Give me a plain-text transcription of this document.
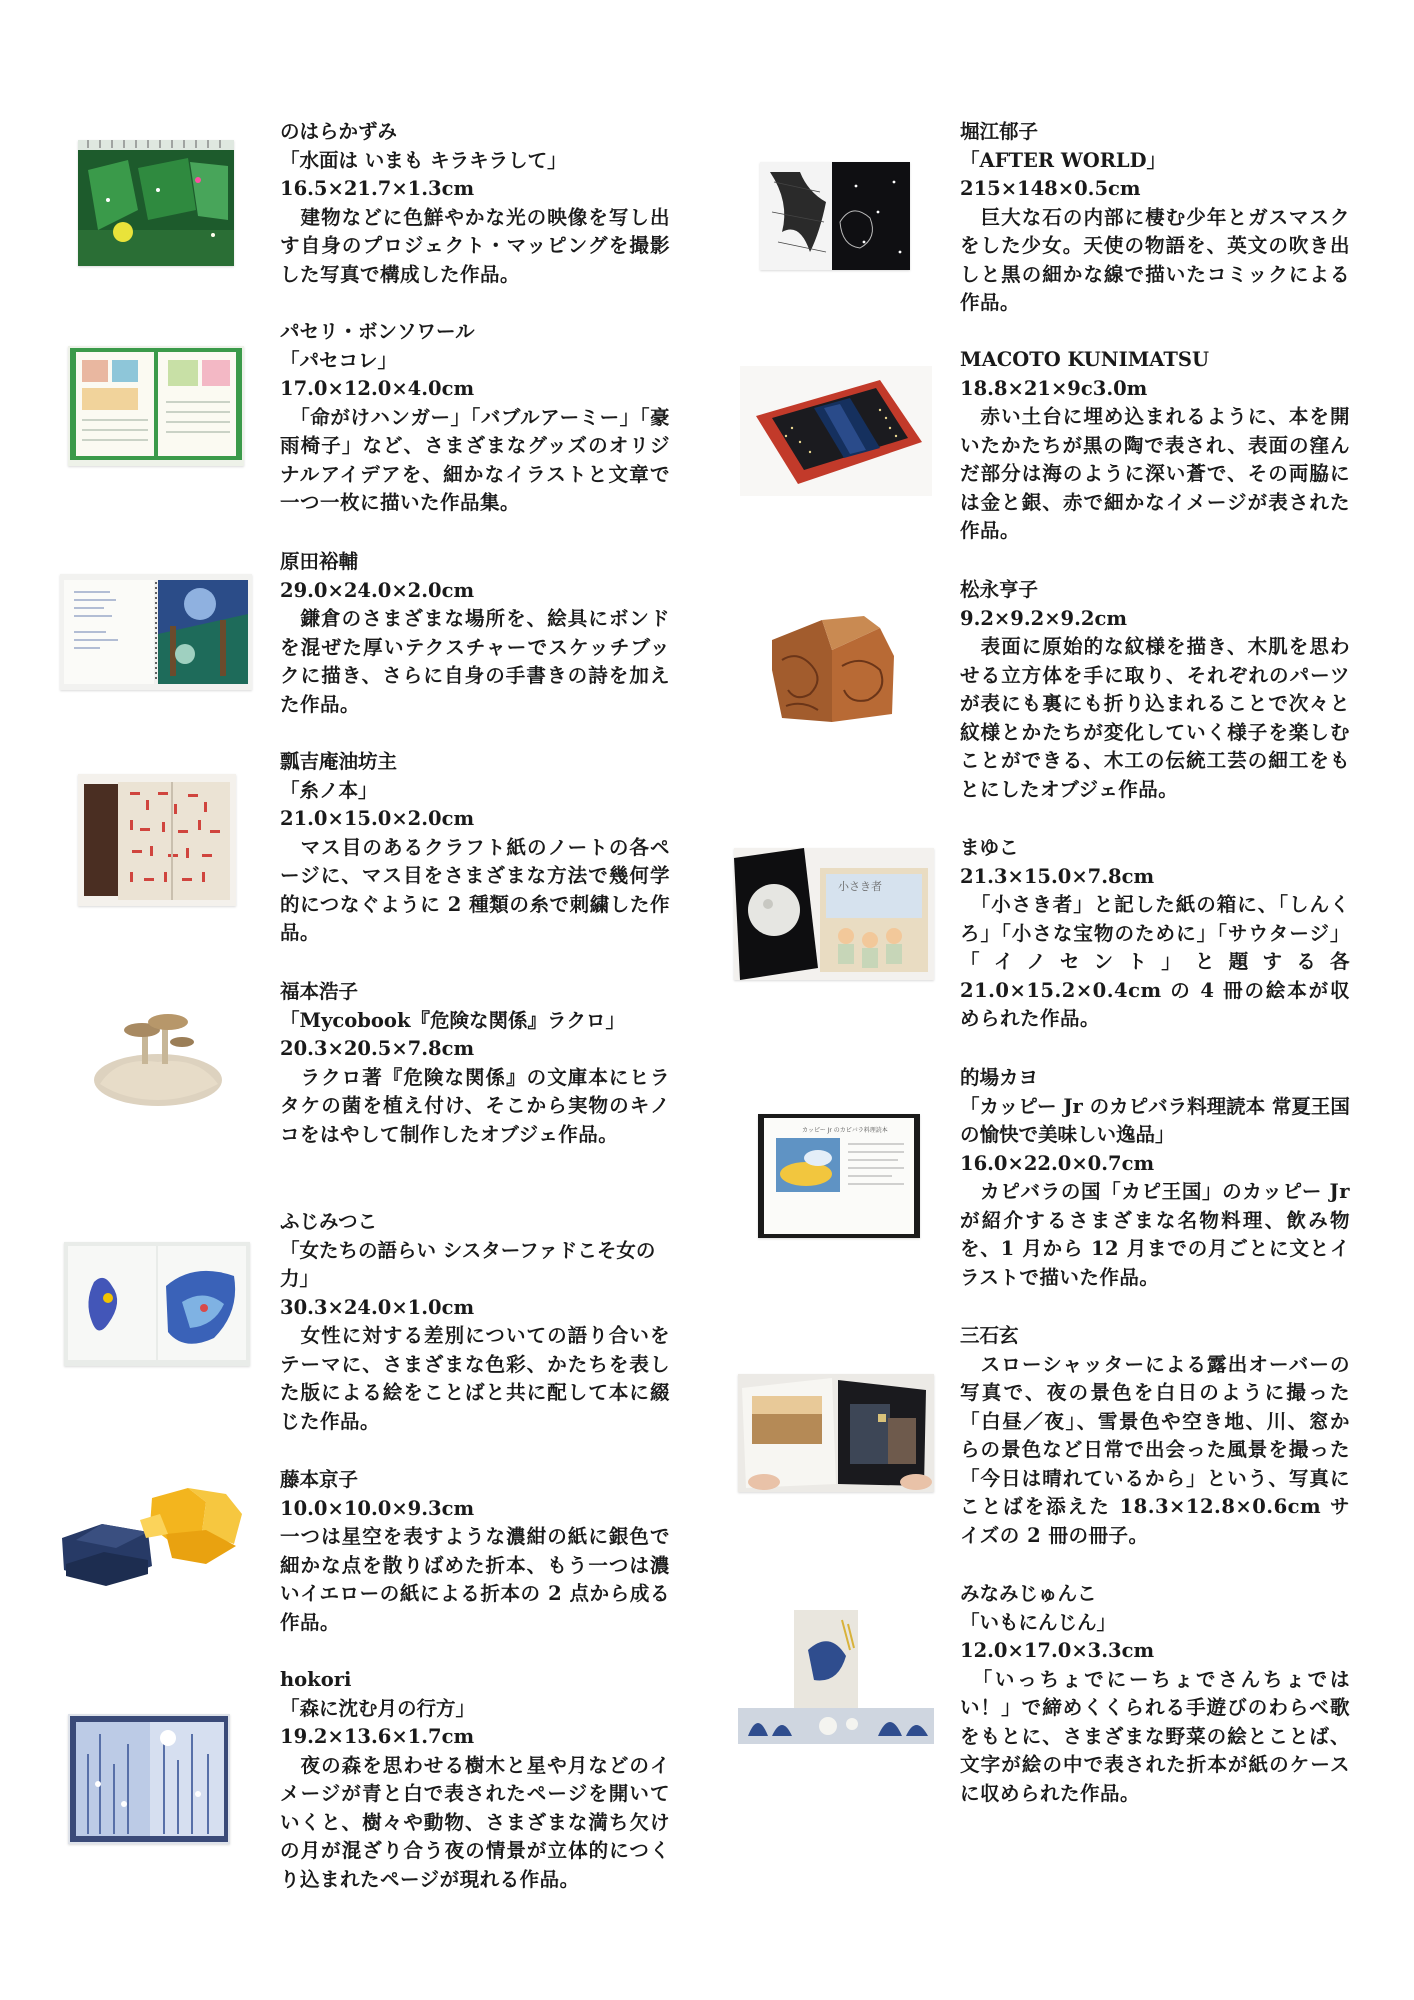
のはらかずみ

「水面は いまも キラキラして」

16.5×21.7×1.3cm

　建物などに色鮮やかな光の映像を写し出す自身のプロジェクト・マッピングを撮影した写真で構成した作品。

パセリ・ボンソワール

「パセコレ」

17.0×12.0×4.0cm

　「命がけハンガー」「バブルアーミー」「豪雨椅子」など、さまざまなグッズのオリジナルアイデアを、細かなイラストと文章で一つ一枚に描いた作品集。

原田裕輔

29.0×24.0×2.0cm

　鎌倉のさまざまな場所を、絵具にボンドを混ぜた厚いテクスチャーでスケッチブックに描き、さらに自身の手書きの詩を加えた作品。

瓢吉庵油坊主

「糸ノ本」

21.0×15.0×2.0cm

　マス目のあるクラフト紙のノートの各ページに、マス目をさまざまな方法で幾何学的につなぐように 2 種類の糸で刺繍した作品。

福本浩子

「Mycobook『危険な関係』ラクロ」

20.3×20.5×7.8cm

　ラクロ著『危険な関係』の文庫本にヒラタケの菌を植え付け、そこから実物のキノコをはやして制作したオブジェ作品。

ふじみつこ

「女たちの語らい シスターファドこそ女の力」

30.3×24.0×1.0cm

　女性に対する差別についての語り合いをテーマに、さまざまな色彩、かたちを表した版による絵をことばと共に配して本に綴じた作品。

藤本京子

10.0×10.0×9.3cm

一つは星空を表すような濃紺の紙に銀色で細かな点を散りばめた折本、もう一つは濃いイエローの紙による折本の 2 点から成る作品。

hokori

「森に沈む月の行方」

19.2×13.6×1.7cm

　夜の森を思わせる樹木と星や月などのイメージが青と白で表されたページを開いていくと、樹々や動物、さまざまな満ち欠けの月が混ざり合う夜の情景が立体的につくり込まれたページが現れる作品。

堀江郁子

「AFTER WORLD」

215×148×0.5cm

　巨大な石の内部に棲む少年とガスマスクをした少女。天使の物語を、英文の吹き出しと黒の細かな線で描いたコミックによる作品。

MACOTO KUNIMATSU

18.8×21×9c3.0m

　赤い土台に埋め込まれるように、本を開いたかたちが黒の陶で表され、表面の窪んだ部分は海のように深い蒼で、その両脇には金と銀、赤で細かなイメージが表された作品。

松永亨子

9.2×9.2×9.2cm

　表面に原始的な紋様を描き、木肌を思わせる立方体を手に取り、それぞれのパーツが表にも裏にも折り込まれることで次々と紋様とかたちが変化していく様子を楽しむことができる、木工の伝統工芸の細工をもとにしたオブジェ作品。

小さき者

まゆこ

21.3×15.0×7.8cm

　「小さき者」と記した紙の箱に、「しんくろ」「小さな宝物のために」「サウタージ」「イノセント」と題する各 21.0×15.2×0.4cm の 4 冊の絵本が収められた作品。

カッピー Jr のカピバラ料理読本

的場カヨ

「カッピー Jr のカピバラ料理読本 常夏王国の愉快で美味しい逸品」

16.0×22.0×0.7cm

　カピバラの国「カピ王国」のカッピー Jr が紹介するさまざまな名物料理、飲み物を、1 月から 12 月までの月ごとに文とイラストで描いた作品。

三石玄

　スローシャッターによる露出オーバーの写真で、夜の景色を白日のように撮った「白昼／夜」、雪景色や空き地、川、窓からの景色など日常で出会った風景を撮った「今日は晴れているから」という、写真にことばを添えた 18.3×12.8×0.6cm サイズの 2 冊の冊子。

みなみじゅんこ

「いもにんじん」

12.0×17.0×3.3cm

　「いっちょでにーちょでさんちょではい！」で締めくくられる手遊びのわらべ歌をもとに、さまざまな野菜の絵とことば、文字が絵の中で表された折本が紙のケースに収められた作品。
